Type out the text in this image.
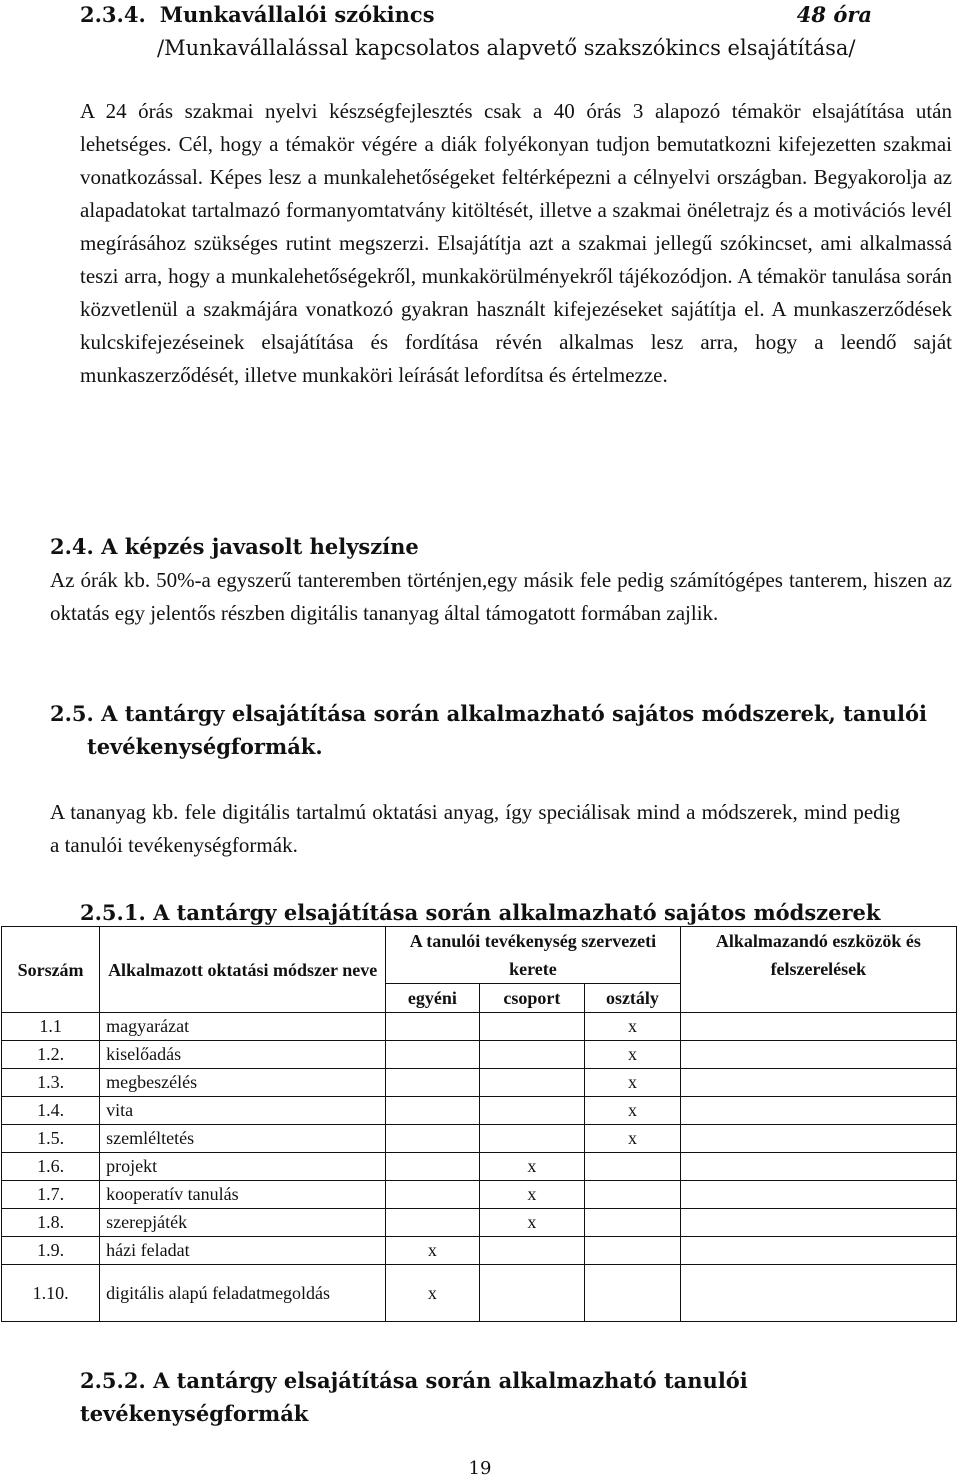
2.3.4. Munkavállalói szókincs	48 óra
/Munkavállalással kapcsolatos alapvető szakszókincs elsajátítása/
A 24 órás szakmai nyelvi készségfejlesztés csak a 40 órás 3 alapozó témakör elsajátítása után lehetséges. Cél, hogy a témakör végére a diák folyékonyan tudjon bemutatkozni kifejezetten szakmai vonatkozással. Képes lesz a munkalehetőségeket feltérképezni a célnyelvi országban. Begyakorolja az alapadatokat tartalmazó formanyomtatvány kitöltését, illetve a szakmai önéletrajz és a motivációs levél megírásához szükséges rutint megszerzi. Elsajátítja azt a szakmai jellegű szókincset, ami alkalmassá teszi arra, hogy a munkalehetőségekről, munkakörülményekről tájékozódjon. A témakör tanulása során közvetlenül a szakmájára vonatkozó gyakran használt kifejezéseket sajátítja el. A munkaszerződések kulcskifejezéseinek elsajátítása és fordítása révén alkalmas lesz arra, hogy a leendő saját munkaszerződését, illetve munkaköri leírását lefordítsa és értelmezze.
2.4. A képzés javasolt helyszíne
Az órák kb. 50%-a egyszerű tanteremben történjen,egy másik fele pedig számítógépes tanterem, hiszen az oktatás egy jelentős részben digitális tananyag által támogatott formában zajlik.
2.5. A tantárgy elsajátítása során alkalmazható sajátos módszerek, tanulói
tevékenységformák.
A tananyag kb. fele digitális tartalmú oktatási anyag, így speciálisak mind a módszerek, mind pedig a tanulói tevékenységformák.
2.5.1. A tantárgy elsajátítása során alkalmazható sajátos módszerek
Sorszám	Alkalmazott oktatási módszer neve	A tanulói tevékenység szervezeti kerete			Alkalmazandó eszközök és felszerelések
		egyéni	csoport	osztály	
1.1	magyarázat			x	
1.2.	kiselőadás			x	
1.3.	megbeszélés			x	
1.4.	vita			x	
1.5.	szemléltetés			x	
1.6.	projekt		x		
1.7.	kooperatív tanulás		x		
1.8.	szerepjáték		x		
1.9.	házi feladat	x			
1.10.	digitális alapú feladatmegoldás	x			
2.5.2. A tantárgy elsajátítása során alkalmazható tanulói tevékenységformák
19
